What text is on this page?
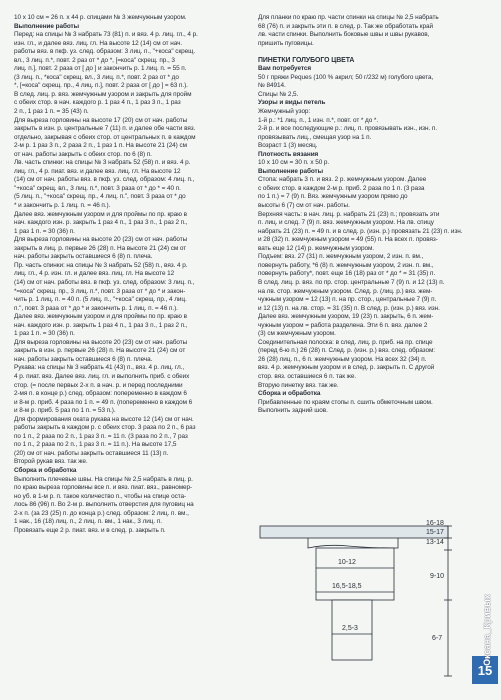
10 х 10 см = 26 п. х 44 р. спицами № 3 жемчужным узором.
Выполнение работы
Перед: на спицы № 3 набрать 73 (81) п. и вяз. 4 р. лиц. гл., 4 р.
изн. гл., и далее вяз. лиц. гл. На высоте 12 (14) см от нач.
работы вяз. в пкф. уз. след. образом: 3 лиц. п., "+коса" скрещ.
вл., 3 лиц. п.*, повт. 2 раз от * до *, [=коса" скрещ. пр., 3
лиц. п.], повт. 2 раза от [ до ] и закончить р. 1 лиц. п. = 55 п.
(3 лиц. п., *коса" скрещ. вл., 3 лиц. п.*, повт. 2 раз от * до
*, [=коса" скрещ. пр., 4 лиц. п.], повт. 2 раза от [ до ] = 63 п.).
В след. лиц. р. вяз. жемчужным узором и закрыть для пройм
с обеих стор. в нач. каждого р. 1 раз 4 п., 1 раз 3 п., 1 раз
2 п., 1 раз 1 п. = 35 (43) п.
Для выреза горловины на высоте 17 (20) см от нач. работы
закрыть в изн. р. центральные 7 (11) п. и далее обе части вяз.
отдельно, закрывая с обеих стор. от центральных п. в каждом
2-м р. 1 раз 3 п., 2 раза 2 п., 1 раз 1 п. На высоте 21 (24) см
от нач. работы закрыть с обеих стор. по 6 (8) п.
Лв. часть спинки: на спицы № 3 набрать 52 (58) п. и вяз. 4 р.
лиц. гл., 4 р. пиат. вяз. и далее вяз. лиц. гл. На высоте 12
(14) см от нач. работы вяз. в пкф. уз. след. образом: 4 лиц. п.,
"+коса" скрещ. вл., 3 лиц. п.*, повт. 3 раза от * до * = 40 п.
(5 лиц. п., "+коса" скрещ. пр., 4 лиц. п.", повт. 3 раза от * до
* и закончить р. 1 лиц. п. = 46 п.).
Далее вяз. жемчужным узором и для проймы по пр. краю в
нач. каждого изн. р. закрыть 1 раз 4 п., 1 раз 3 п., 1 раз 2 п.,
1 раз 1 п. = 30 (36) п.
Для выреза горловины на высоте 20 (23) см от нач. работы
закрыть в лиц. р. первые 26 (28) п. На высоте 21 (24) см от
нач. работы закрыть оставшиеся 6 (8) п. плеча.
Пр. часть спинки: на спицы № 3 набрать 52 (58) п., вяз. 4 р.
лиц. гл., 4 р. изн. гл. и далее вяз. лиц. гл. На высоте 12
(14) см от нач. работы вяз. в пкф. уз. след. образом: 3 лиц. п.,
*=коса" скрещ. пр., 3 лиц. п.*, повт. 3 раза от * до * и закон-
чить р. 1 лиц. п. = 40 п. (5 лиц. п., "+коса" скрещ. пр., 4 лиц.
п.", повт. 3 раза от * до * и закончить р. 1 лиц. п. = 46 п.).
Далее вяз. жемчужным узором и для проймы по пр. краю в
нач. каждого изн. р. закрыть 1 раз 4 п., 1 раз 3 п., 1 раз 2 п.,
1 раз 1 п. = 30 (36) п.
Для выреза горловины на высоте 20 (23) см от нач. работы
закрыть в изн. р. первые 26 (28) п. На высоте 21 (24) см от
нач. работы закрыть оставшиеся 6 (8) п. плеча.
Рукава: на спицы № 3 набрать 41 (43) п., вяз. 4 р. лиц. гл.,
4 р. пиат. вяз. Далее вяз. лиц. гл. и выполнить приб. с обеих
стор. (= после первых 2-х п. в нач. р. и перед последними
2-мя п. в конце р.) след. образом: попеременно в каждом 6
и 8-м р. приб. 4 раза по 1 п. = 49 п. (попеременно в каждом 6
и 8-м р. приб. 5 раз по 1 п. = 53 п.).
Для формирования оката рукава на высоте 12 (14) см от нач.
работы закрыть в каждом р. с обеих стор. 3 раза по 2 п., 6 раз
по 1 п., 2 раза по 2 п., 1 раз 3 п. = 11 п. (3 раза по 2 п., 7 раз
по 1 п., 2 раза по 2 п., 1 раз 3 п. = 11 п.). На высоте 17,5
(20) см от нач. работы закрыть оставшиеся 11 (13) п.
Второй рукав вяз. так же.
Сборка и обработка
Выполнить плечевые швы. На спицы № 2,5 набрать в лиц. р.
по краю выреза горловины все п. и вяз. пиат. вяз., равномер-
но уб. в 1-м р. п. такое количество п., чтобы на спице оста-
лось 86 (96) п. Во 2-м р. выполнить отверстия для пуговиц на
2-х п. (за 23 (25) п. до конца р.) след. образом: 2 лиц. п. вм.,
1 нак., 16 (18) лиц. п., 2 лиц. п. вм., 1 нак., 3 лиц. п.
Провязать еще 2 р. пиат. вяз. и в след. р. закрыть п.
Для планки по краю пр. части спинки на спицы № 2,5 набрать
68 (76) п. и закрыть эти п. в след. р. Так же обработать край
лв. части спинки. Выполнить боковые швы и швы рукавов,
пришить пуговицы.
ПИНЕТКИ ГОЛУБОГО ЦВЕТА
Вам потребуется
50 г пряжи Peques (100 % акрил; 50 г/232 м) голубого цвета,
№ 84914.
Спицы № 2,5.
Узоры и виды петель
Жемчужный узор:
1-й р.: *1 лиц. п., 1 изн. п.*, повт. от * до *.
2-й р. и все последующие р.: лиц. п. провязывать изн., изн. п.
провязывать лиц., смещая узор на 1 п.
Возраст 1 (3) месяц.
Плотность вязания
10 х 10 см = 30 п. х 50 р.
Выполнение работы
Стопа: набрать 3 п. и вяз. 2 р. жемчужным узором. Далее
с обеих стор. в каждом 2-м р. приб. 2 раза по 1 п. (3 раза
по 1 п.) = 7 (9) п. Вяз. жемчужным узором прямо до
высоты 6 (7) см от нач. работы.
Верхняя часть: в нач. лиц. р. набрать 21 (23) п.; провязать эти
п. лиц. и след. 7 (9) п. вяз. жемчужным узором. На лв. спицу
набрать 21 (23) п. = 49 п. и в след. р. (изн. р.) провязать 21 (23) п. изн.
и 28 (32) п. жемчужным узором = 49 (55) п. На всех п. провяз-
вать еще 12 (14) р. жемчужным узором.
Подъем: вяз. 27 (31) п. жемчужным узором, 2 изн. п. вм.,
повернуть работу, *6 (8) п. жемчужным узором, 2 изн. п. вм.,
повернуть работу*, повт. еще 16 (18) раз от * до * = 31 (35) п.
В след. лиц. р. вяз. по пр. стор. центральные 7 (9) п. и 12 (13) п.
на лв. стор. жемчужным узором. След. р. (лиц. р.) вяз. жем-
чужным узором = 12 (13) п. на пр. стор., центральные 7 (9) п.
и 12 (13) п. на лв. стор. = 31 (35) п. В след. р. (изн. р.) вяз. изн.
Далее вяз. жемчужным узором, 19 (23) п. закрыть, 6 п. жем-
чужным узором = работа разделена. Эти 6 п. вяз. далее 2
(3) см жемчужным узором.
Соединительная полоска: в след. лиц. р. приб. на пр. спице
(перед 6-ю п.) 26 (28) п. След. р. (изн. р.) вяз. след. образом:
26 (28) лиц. п., 6 п. жемчужным узором. На всех 32 (34) п.
вяз. 4 р. жемчужным узором и в след. р. закрыть п. С другой
стор. вяз. оставшиеся 6 п. так же.
Вторую пинетку вяз. так же.
Сборка и обработка
Прибавленные по краям стопы п. сшить обметочным швом.
Выполнить задний шов.
10-12
16,5-18,5
2,5-3
16-18
15-17
13-14
9-10
6-7
15
Оксана_Кривых
